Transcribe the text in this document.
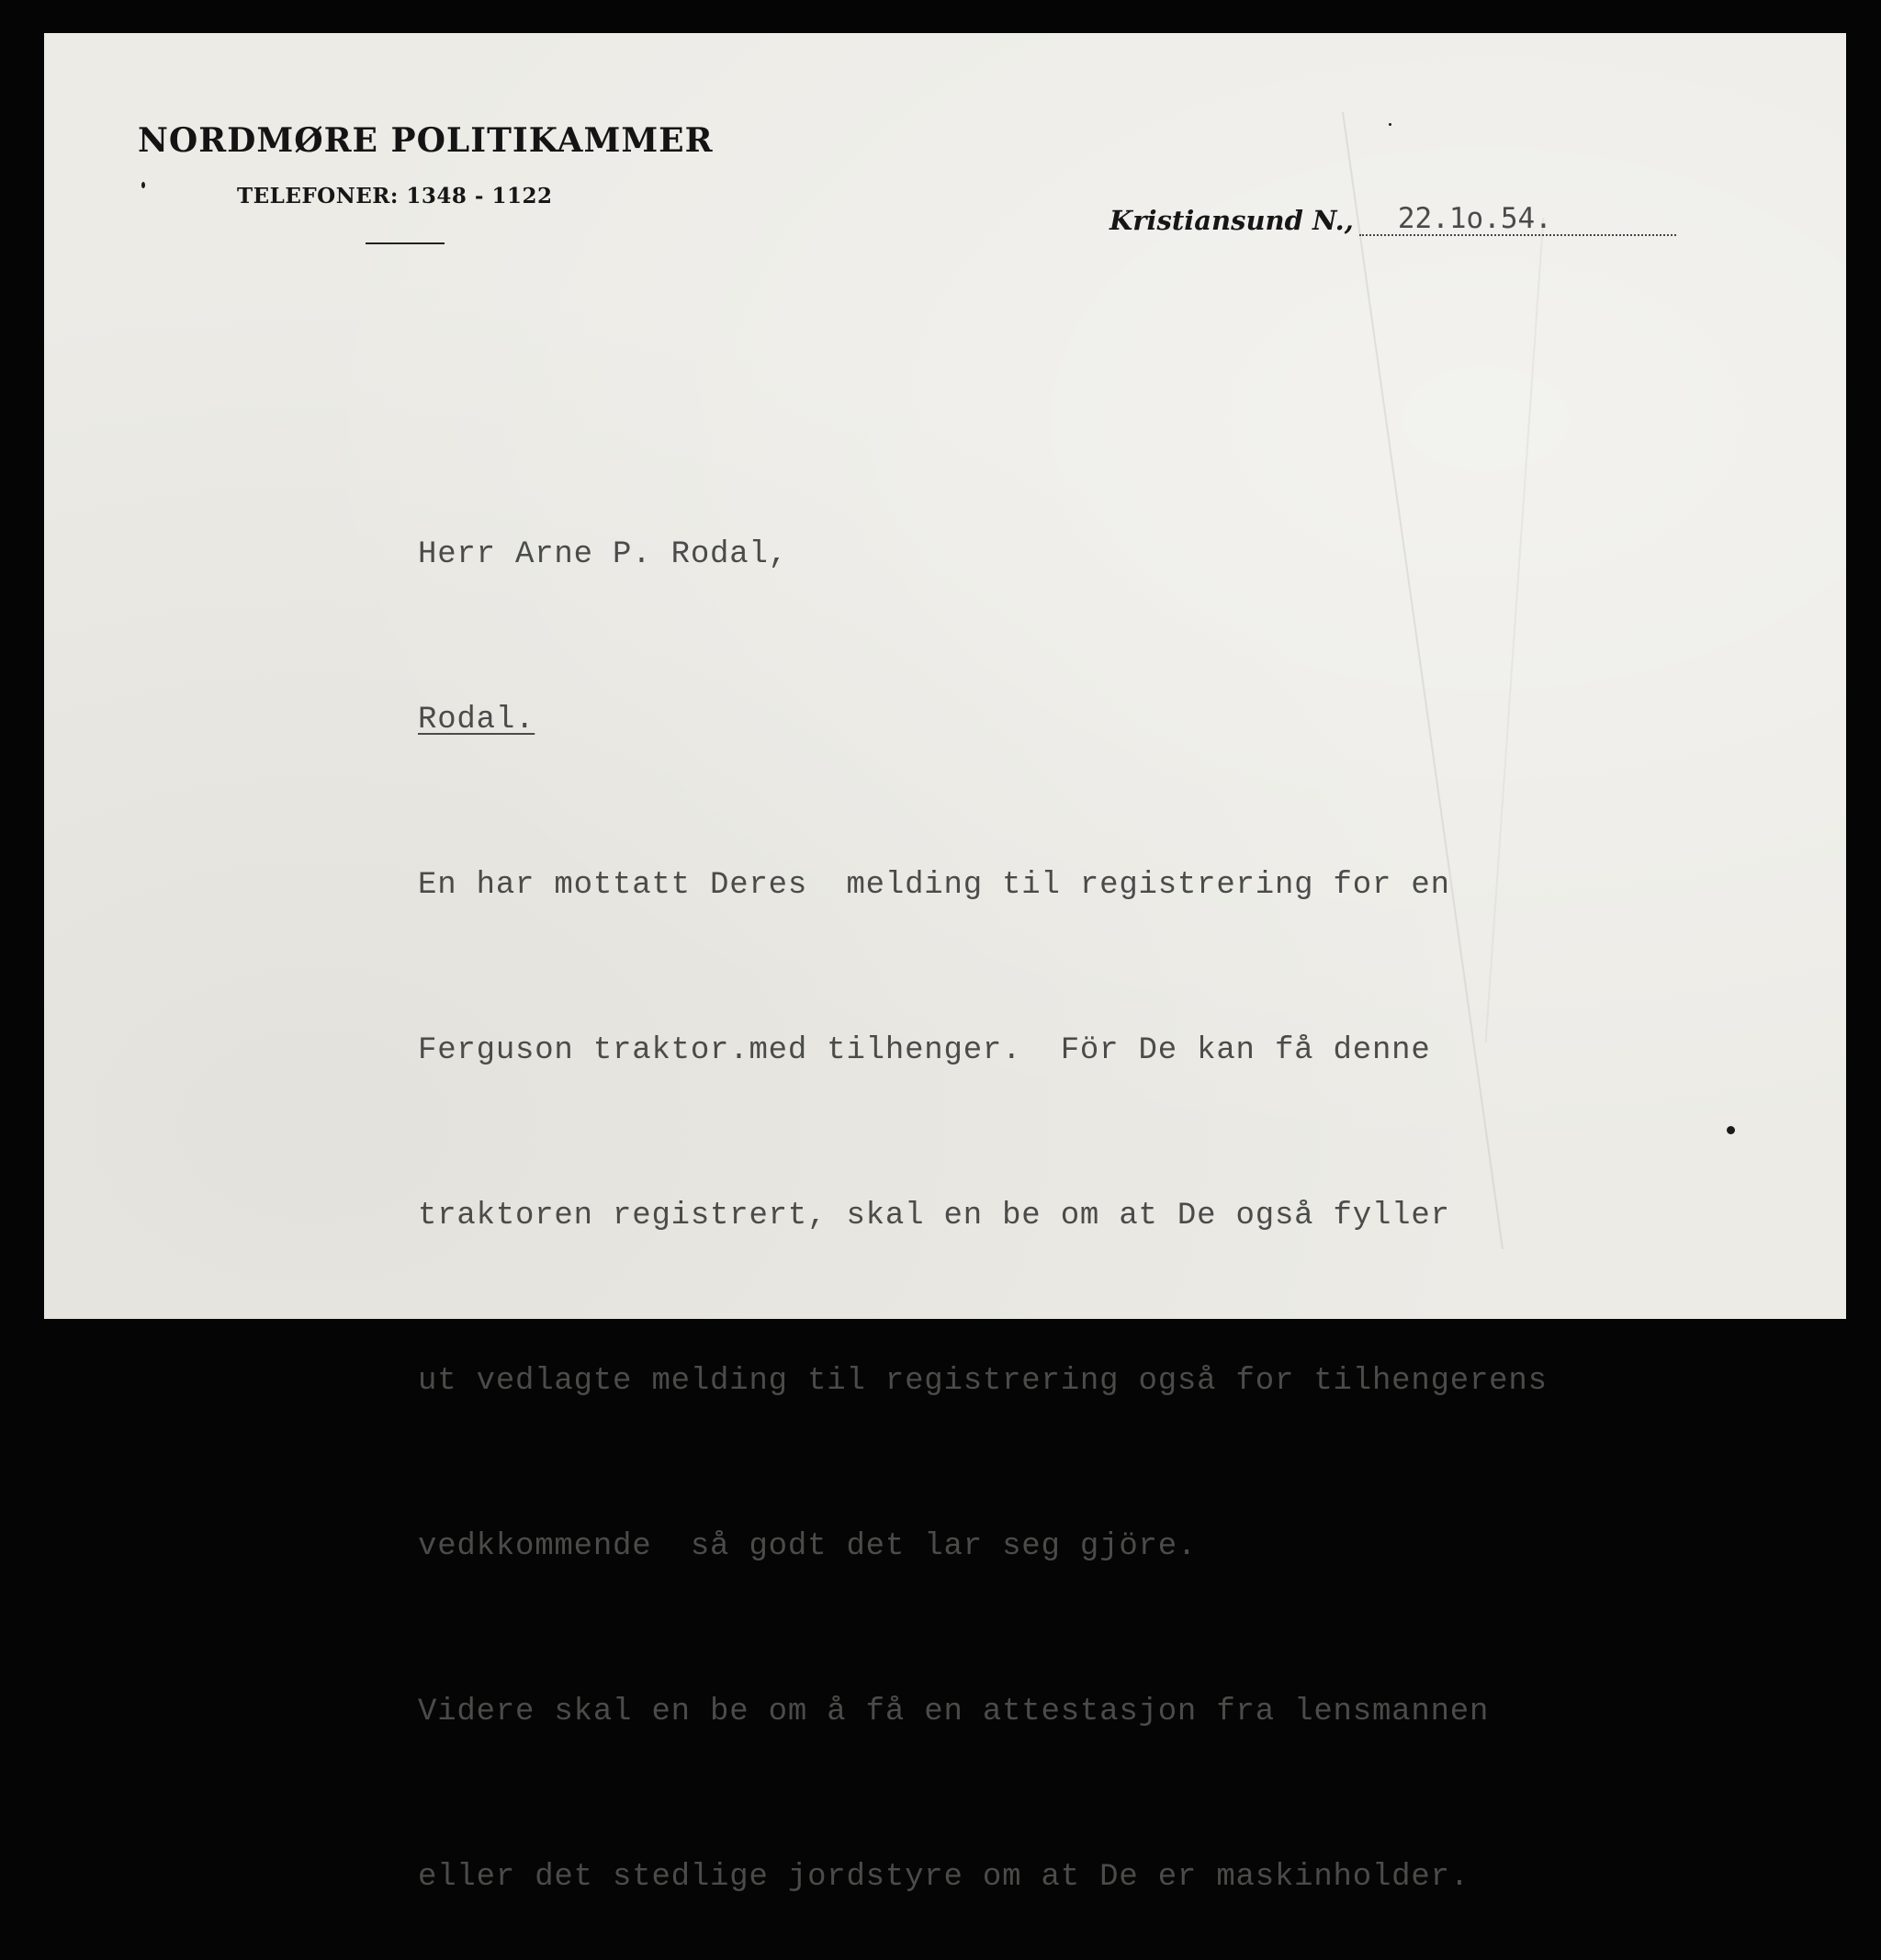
NORDMØRE POLITIKAMMER
TELEFONER: 1348 - 1122
Kristiansund N.,	22.1o.54.

Herr Arne P. Rodal,

Rodal.

En har mottatt Deres  melding til registrering for en

Ferguson traktor.med tilhenger.  För De kan få denne

traktoren registrert, skal en be om at De også fyller

ut vedlagte melding til registrering også for tilhengerens

vedkkommende  så godt det lar seg gjöre.

Videre skal en be om å få en attestasjon fra lensmannen

eller det stedlige jordstyre om at De er maskinholder.
